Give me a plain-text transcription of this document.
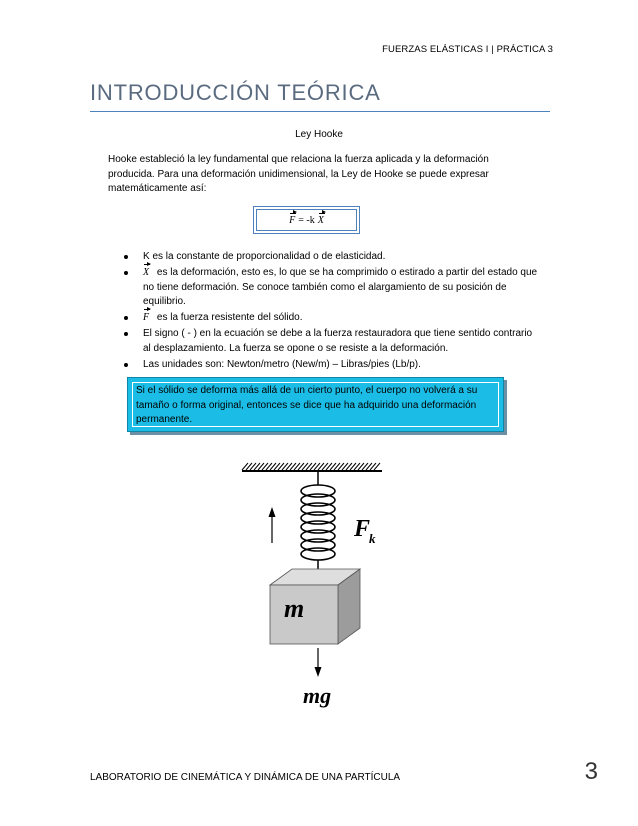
FUERZAS ELÁSTICAS I | PRÁCTICA 3
INTRODUCCIÓN TEÓRICA
Ley Hooke
Hooke estableció la ley fundamental que relaciona la fuerza aplicada y la deformación producida. Para una deformación unidimensional, la Ley de Hooke se puede expresar matemáticamente así:
F = -k X
K es la constante de proporcionalidad o de elasticidad.
X es la deformación, esto es, lo que se ha comprimido o estirado a partir del estado que no tiene deformación. Se conoce también como el alargamiento de su posición de equilibrio.
F es la fuerza resistente del sólido.
El signo ( - ) en la ecuación se debe a la fuerza restauradora que tiene sentido contrario al desplazamiento. La fuerza se opone o se resiste a la deformación.
Las unidades son: Newton/metro (New/m) – Libras/pies (Lb/p).
Si el sólido se deforma más allá de un cierto punto, el cuerpo no volverá a su tamaño o forma original, entonces se dice que ha adquirido una deformación permanente.
F
k
m
mg
LABORATORIO DE CINEMÁTICA Y DINÁMICA DE UNA PARTÍCULA	3
